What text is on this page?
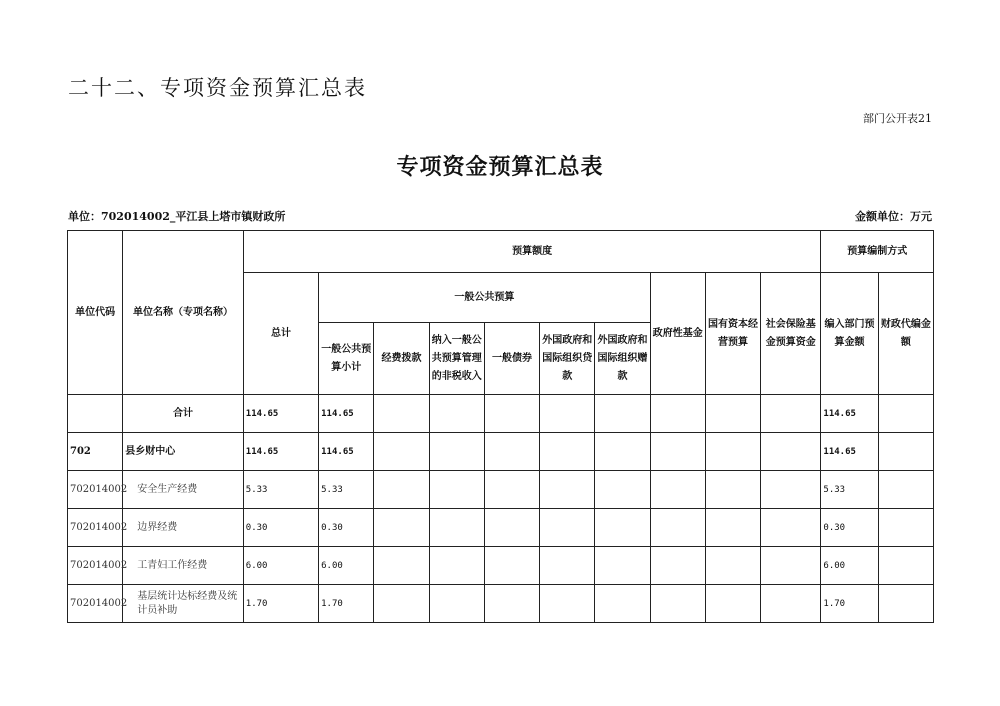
二十二、专项资金预算汇总表
部门公开表21
专项资金预算汇总表
单位：702014002_平江县上塔市镇财政所	金额单位：万元
单位代码	单位名称（专项名称）	预算额度										预算编制方式	
		总计	一般公共预算						政府性基金	国有资本经营预算	社会保险基金预算资金	编入部门预算金额	财政代编金额
			一般公共预算小计	经费拨款	纳入一般公共预算管理的非税收入	一般债券	外国政府和国际组织贷款	外国政府和国际组织赠款					
	合计	114.65	114.65									114.65	
702	县乡财中心	114.65	114.65									114.65	
702014002	安全生产经费	5.33	5.33									5.33	
702014002	边界经费	0.30	0.30									0.30	
702014002	工青妇工作经费	6.00	6.00									6.00	
702014002	基层统计达标经费及统计员补助	1.70	1.70									1.70	
